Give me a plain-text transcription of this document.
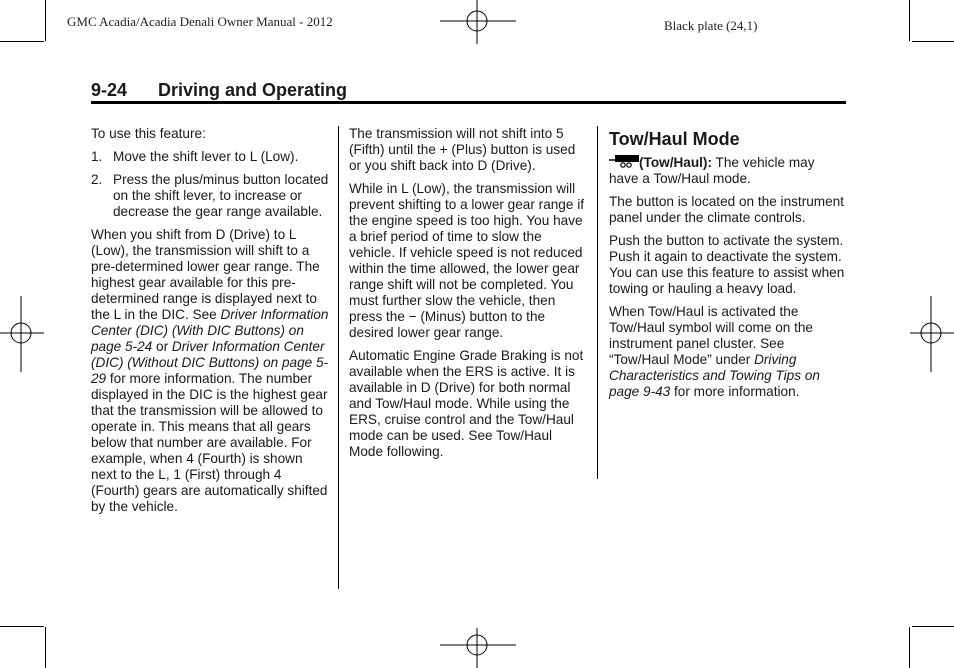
GMC Acadia/Acadia Denali Owner Manual - 2012	Black plate (24,1)
9-24 Driving and Operating

To use this feature:

1. Move the shift lever to L (Low).
2. Press the plus/minus button located on the shift lever, to increase or decrease the gear range available.

When you shift from D (Drive) to L (Low), the transmission will shift to a pre-determined lower gear range. The highest gear available for this pre-determined range is displayed next to the L in the DIC. See Driver Information Center (DIC) (With DIC Buttons) on page 5-24 or Driver Information Center (DIC) (Without DIC Buttons) on page 5-29 for more information. The number displayed in the DIC is the highest gear that the transmission will be allowed to operate in. This means that all gears below that number are available. For example, when 4 (Fourth) is shown next to the L, 1 (First) through 4 (Fourth) gears are automatically shifted by the vehicle.

The transmission will not shift into 5 (Fifth) until the + (Plus) button is used or you shift back into D (Drive).

While in L (Low), the transmission will prevent shifting to a lower gear range if the engine speed is too high. You have a brief period of time to slow the vehicle. If vehicle speed is not reduced within the time allowed, the lower gear range shift will not be completed. You must further slow the vehicle, then press the − (Minus) button to the desired lower gear range.

Automatic Engine Grade Braking is not available when the ERS is active. It is available in D (Drive) for both normal and Tow/Haul mode. While using the ERS, cruise control and the Tow/Haul mode can be used. See Tow/Haul Mode following.

Tow/Haul Mode

(Tow/Haul): The vehicle may have a Tow/Haul mode.

The button is located on the instrument panel under the climate controls.

Push the button to activate the system. Push it again to deactivate the system. You can use this feature to assist when towing or hauling a heavy load.

When Tow/Haul is activated the Tow/Haul symbol will come on the instrument panel cluster. See “Tow/Haul Mode” under Driving Characteristics and Towing Tips on page 9-43 for more information.
